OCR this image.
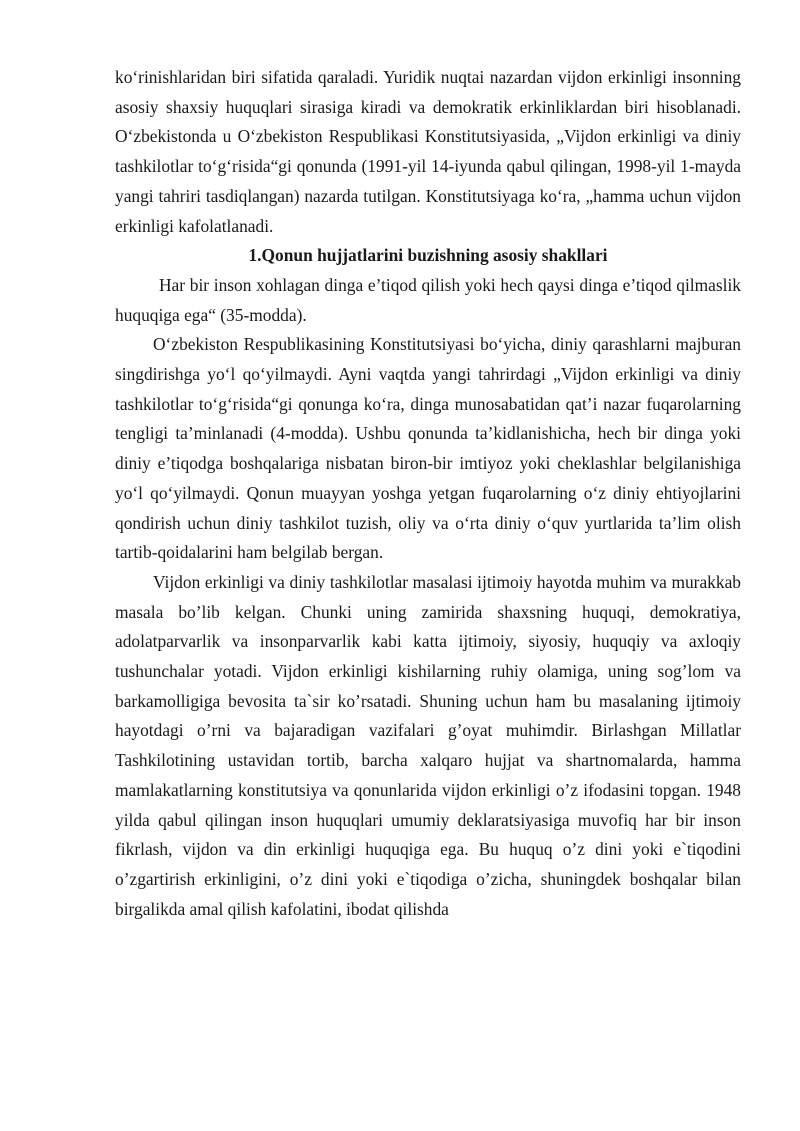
ko‘rinishlaridan biri sifatida qaraladi. Yuridik nuqtai nazardan vijdon erkinligi insonning asosiy shaxsiy huquqlari sirasiga kiradi va demokratik erkinliklardan biri hisoblanadi. O‘zbekistonda u O‘zbekiston Respublikasi Konstitutsiyasida, „Vijdon erkinligi va diniy tashkilotlar to‘g‘risida“gi qonunda (1991-yil 14-iyunda qabul qilingan, 1998-yil 1-mayda yangi tahriri tasdiqlangan) nazarda tutilgan. Konstitutsiyaga ko‘ra, „hamma uchun vijdon erkinligi kafolatlanadi.

1.Qonun hujjatlarini buzishning asosiy shakllari

Har bir inson xohlagan dinga e’tiqod qilish yoki hech qaysi dinga e’tiqod qilmaslik huquqiga ega“ (35-modda).

O‘zbekiston Respublikasining Konstitutsiyasi bo‘yicha, diniy qarashlarni majburan singdirishga yo‘l qo‘yilmaydi. Ayni vaqtda yangi tahrirdagi „Vijdon erkinligi va diniy tashkilotlar to‘g‘risida“gi qonunga ko‘ra, dinga munosabatidan qat’i nazar fuqarolarning tengligi ta’minlanadi (4-modda). Ushbu qonunda ta’kidlanishicha, hech bir dinga yoki diniy e’tiqodga boshqalariga nisbatan biron-bir imtiyoz yoki cheklashlar belgilanishiga yo‘l qo‘yilmaydi. Qonun muayyan yoshga yetgan fuqarolarning o‘z diniy ehtiyojlarini qondirish uchun diniy tashkilot tuzish, oliy va o‘rta diniy o‘quv yurtlarida ta’lim olish tartib-qoidalarini ham belgilab bergan.

Vijdon erkinligi va diniy tashkilotlar masalasi ijtimoiy hayotda muhim va murakkab masala bo’lib kelgan. Chunki uning zamirida shaxsning huquqi, demokratiya, adolatparvarlik va insonparvarlik kabi katta ijtimoiy, siyosiy, huquqiy va axloqiy tushunchalar yotadi. Vijdon erkinligi kishilarning ruhiy olamiga, uning sog’lom va barkamolligiga bevosita ta`sir ko’rsatadi. Shuning uchun ham bu masalaning ijtimoiy hayotdagi o’rni va bajaradigan vazifalari g’oyat muhimdir. Birlashgan Millatlar Tashkilotining ustavidan tortib, barcha xalqaro hujjat va shartnomalarda, hamma mamlakatlarning konstitutsiya va qonunlarida vijdon erkinligi o’z ifodasini topgan. 1948 yilda qabul qilingan inson huquqlari umumiy deklaratsiyasiga muvofiq har bir inson fikrlash, vijdon va din erkinligi huquqiga ega. Bu huquq o’z dini yoki e`tiqodini o’zgartirish erkinligini, o’z dini yoki e`tiqodiga o’zicha, shuningdek boshqalar bilan birgalikda amal qilish kafolatini, ibodat qilishda
